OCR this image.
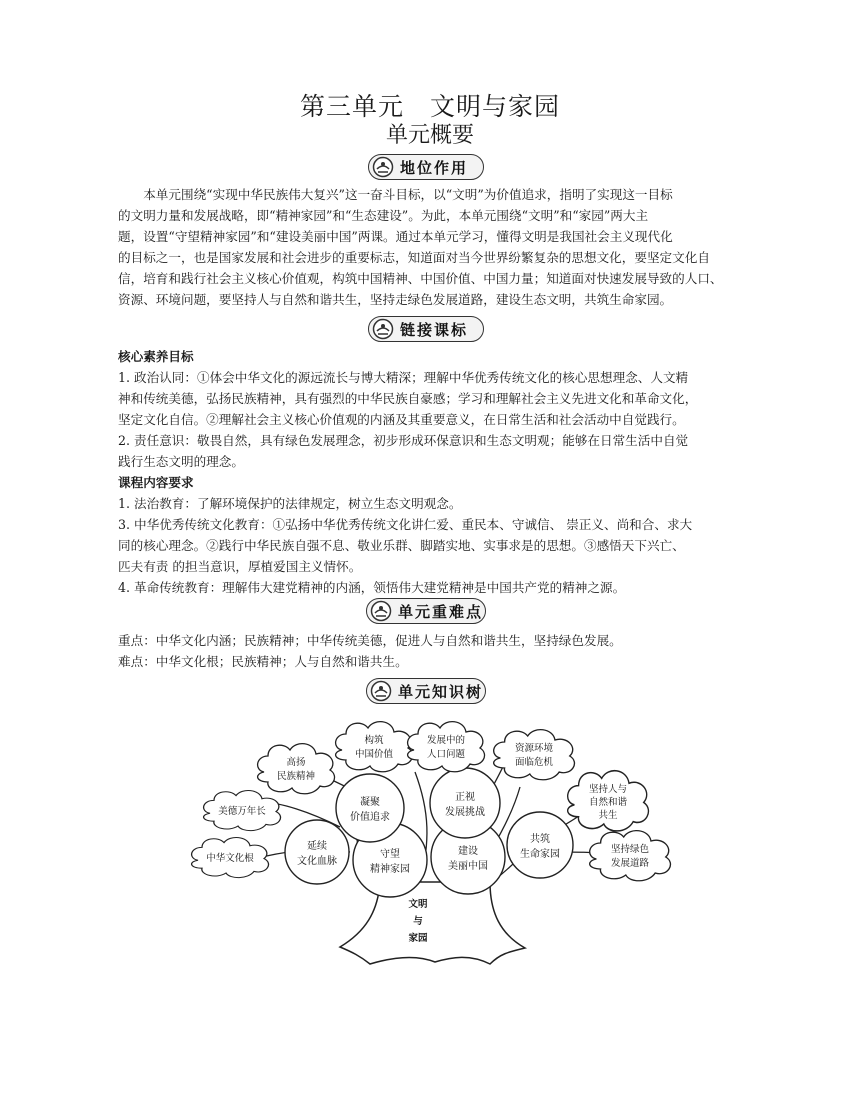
第三单元　文明与家园
单元概要
地位作用

本单元围绕“实现中华民族伟大复兴”这一奋斗目标，以“文明”为价值追求，指明了实现这一目标

的文明力量和发展战略，即“精神家园”和“生态建设”。为此，本单元围绕“文明”和“家园”两大主

题，设置“守望精神家园”和“建设美丽中国”两课。通过本单元学习，懂得文明是我国社会主义现代化

的目标之一，也是国家发展和社会进步的重要标志，知道面对当今世界纷繁复杂的思想文化，要坚定文化自

信，培育和践行社会主义核心价值观，构筑中国精神、中国价值、中国力量；知道面对快速发展导致的人口、

资源、环境问题，要坚持人与自然和谐共生，坚持走绿色发展道路，建设生态文明，共筑生命家园。

链接课标

核心素养目标

1. 政治认同：①体会中华文化的源远流长与博大精深；理解中华优秀传统文化的核心思想理念、人文精

神和传统美德，弘扬民族精神，具有强烈的中华民族自豪感；学习和理解社会主义先进文化和革命文化，

坚定文化自信。②理解社会主义核心价值观的内涵及其重要意义，在日常生活和社会活动中自觉践行。

2. 责任意识：敬畏自然，具有绿色发展理念，初步形成环保意识和生态文明观；能够在日常生活中自觉

践行生态文明的理念。

课程内容要求

1. 法治教育：了解环境保护的法律规定，树立生态文明观念。

3. 中华优秀传统文化教育：①弘扬中华优秀传统文化讲仁爱、重民本、守诚信、 崇正义、尚和合、求大

同的核心理念。②践行中华民族自强不息、敬业乐群、脚踏实地、实事求是的思想。③感悟天下兴亡、

匹夫有责 的担当意识，厚植爱国主义情怀。

4. 革命传统教育：理解伟大建党精神的内涵，领悟伟大建党精神是中国共产党的精神之源。

单元重难点

重点：中华文化内涵；民族精神；中华传统美德，促进人与自然和谐共生，坚持绿色发展。

难点：中华文化根；民族精神；人与自然和谐共生。

单元知识树
文明
与
家园
守望
精神家园
建设
美丽中国
延续
文化血脉
凝聚
价值追求
正视
发展挑战
共筑
生命家园
中华文化根
美德万年长
高扬
民族精神
构筑
中国价值
发展中的
人口问题
资源环境
面临危机
坚持人与
自然和谐
共生
坚持绿色
发展道路
